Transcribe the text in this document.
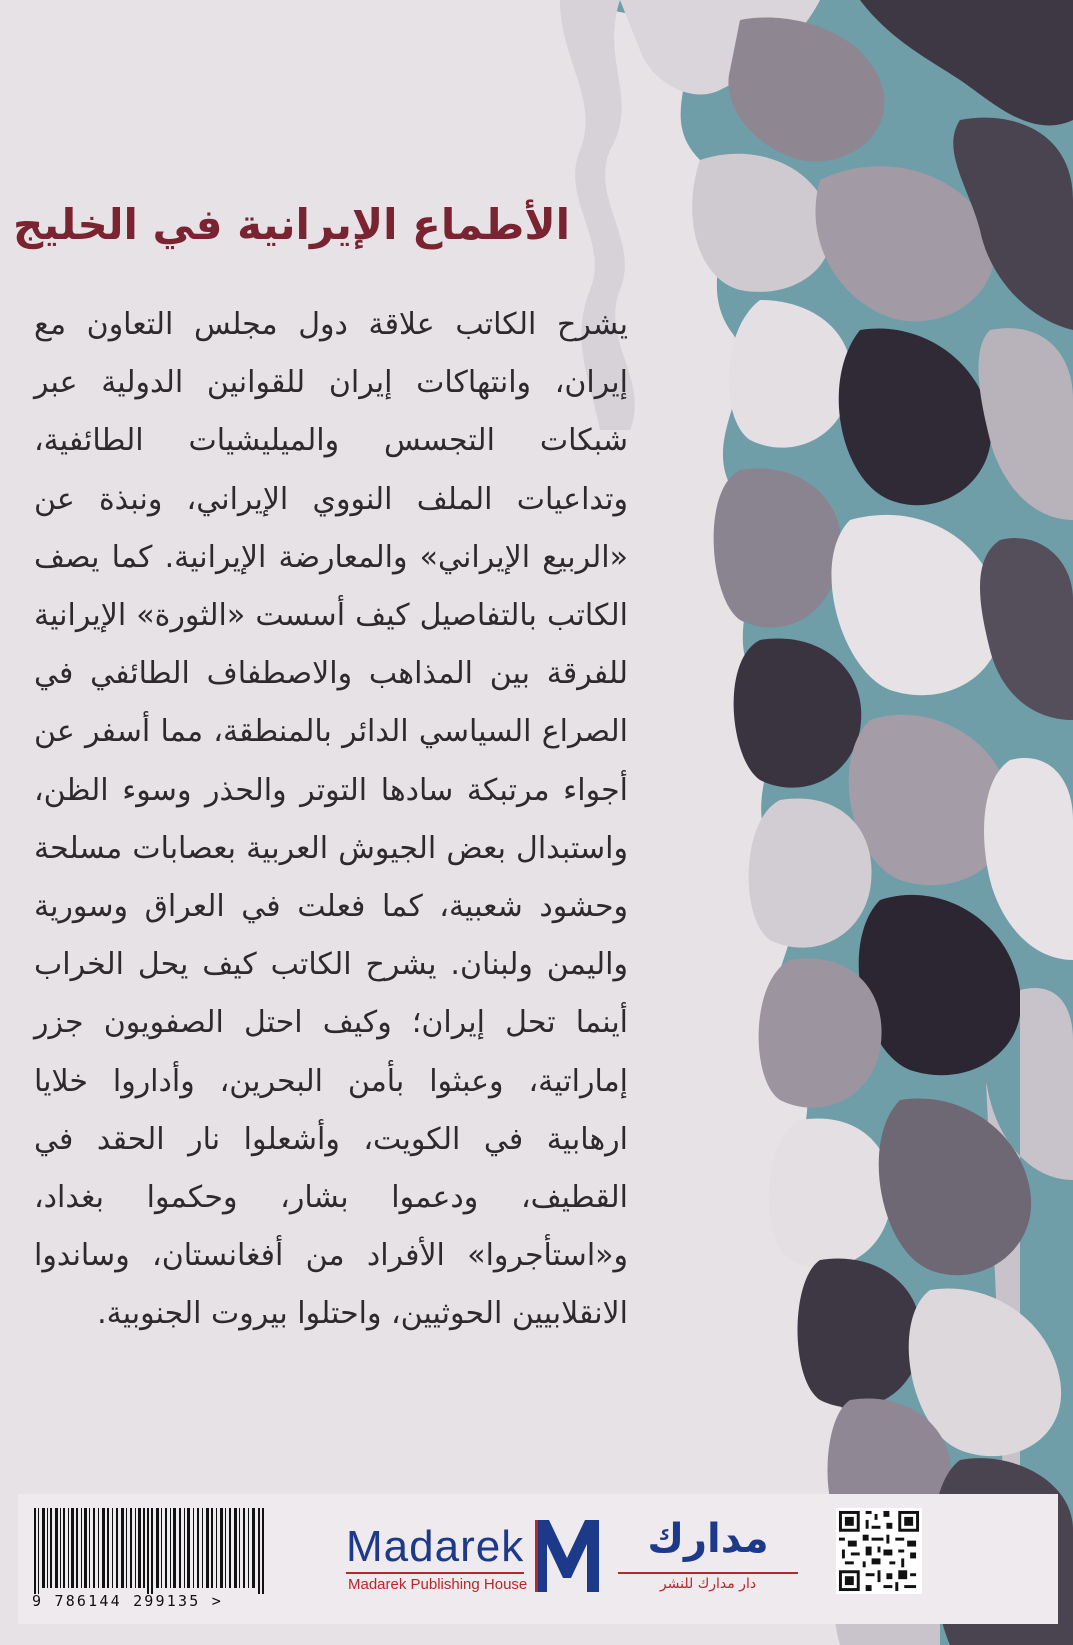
الأطماع الإيرانية في الخليج
يشرح الكاتب علاقة دول مجلس التعاون مع إيران، وانتهاكات إيران للقوانين الدولية عبر شبكات التجسس والميليشيات الطائفية، وتداعيات الملف النووي الإيراني، ونبذة عن «الربيع الإيراني» والمعارضة الإيرانية. كما يصف الكاتب بالتفاصيل كيف أسست «الثورة» الإيرانية للفرقة بين المذاهب والاصطفاف الطائفي في الصراع السياسي الدائر بالمنطقة، مما أسفر عن أجواء مرتبكة سادها التوتر والحذر وسوء الظن، واستبدال بعض الجيوش العربية بعصابات مسلحة وحشود شعبية، كما فعلت في العراق وسورية واليمن ولبنان. يشرح الكاتب كيف يحل الخراب أينما تحل إيران؛ وكيف احتل الصفويون جزر إماراتية، وعبثوا بأمن البحرين، وأداروا خلايا ارهابية في الكويت، وأشعلوا نار الحقد في القطيف، ودعموا بشار، وحكموا بغداد، و«استأجروا» الأفراد من أفغانستان، وساندوا الانقلابيين الحوثيين، واحتلوا بيروت الجنوبية.
9 786144 299135 >
Madarek
Madarek Publishing House
مدارك
دار مدارك للنشر
